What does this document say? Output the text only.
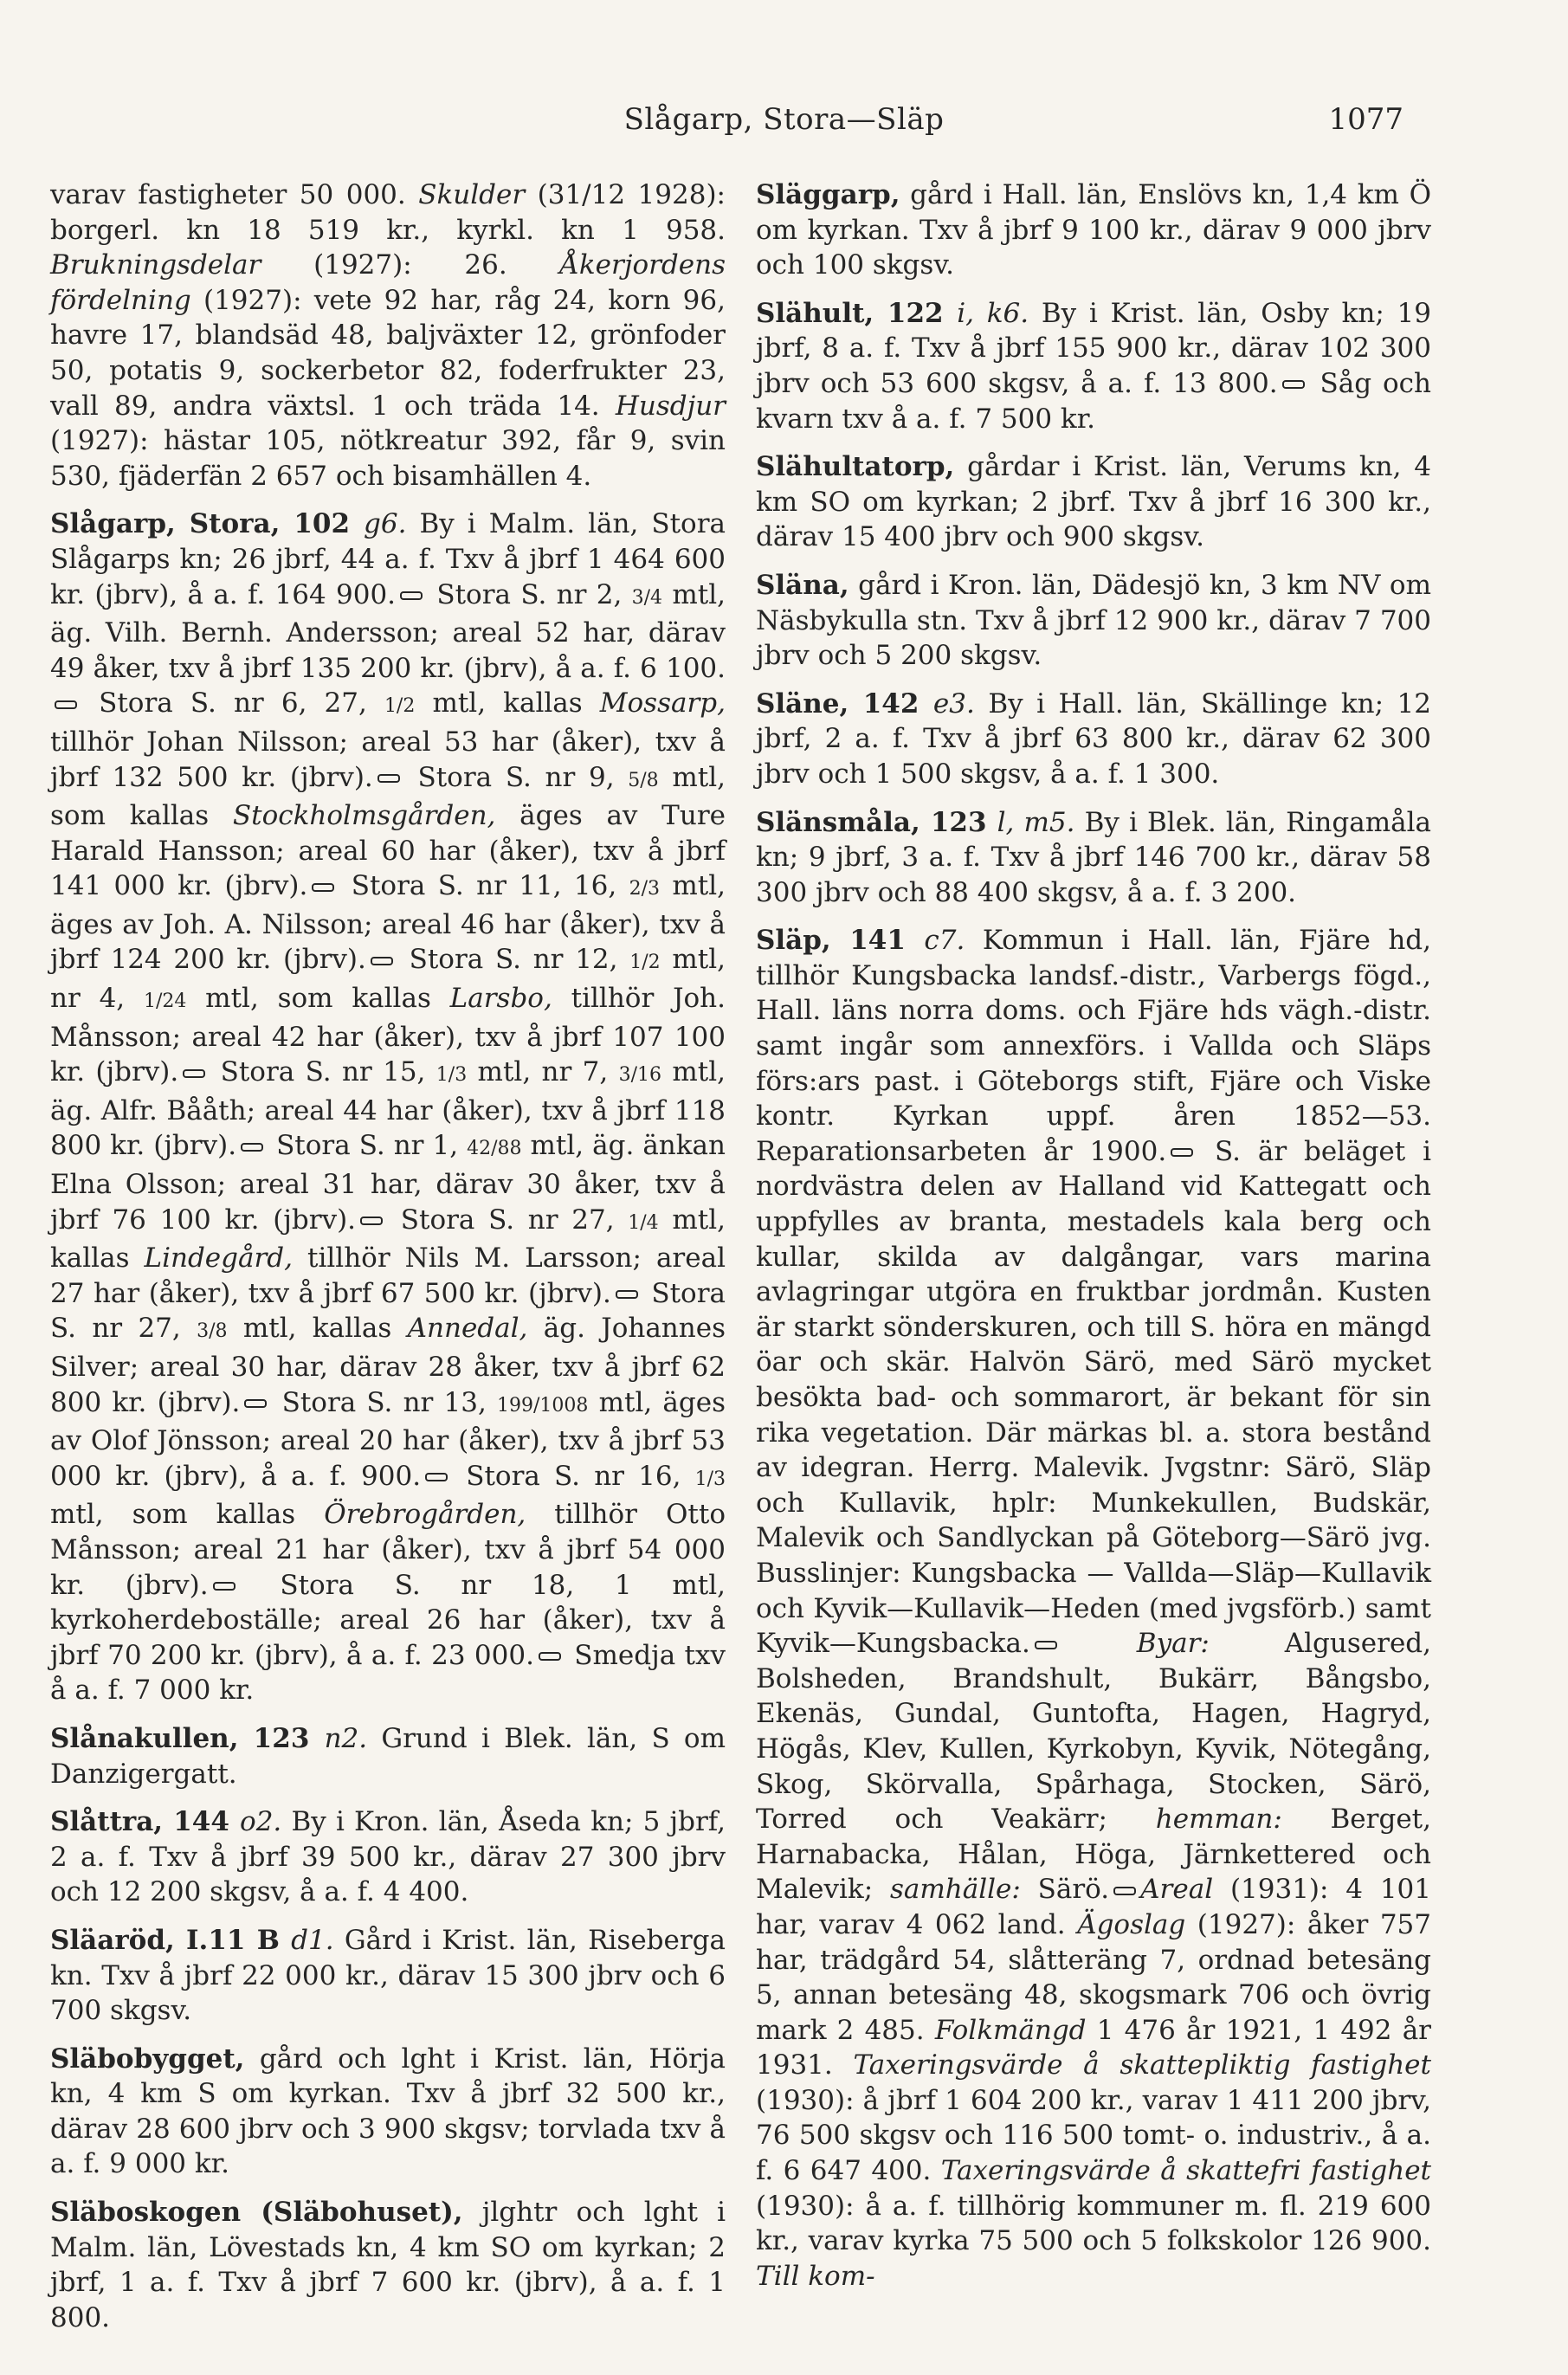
Slågarp, Stora—Släp	1077

varav fastigheter 50 000. Skulder (31/12 1928): borgerl. kn 18 519 kr., kyrkl. kn 1 958. Brukningsdelar (1927): 26. Åkerjordens fördelning (1927): vete 92 har, råg 24, korn 96, havre 17, blandsäd 48, baljväxter 12, grönfoder 50, potatis 9, sockerbetor 82, foderfrukter 23, vall 89, andra växtsl. 1 och träda 14. Husdjur (1927): hästar 105, nötkreatur 392, får 9, svin 530, fjäderfän 2 657 och bisamhällen 4.

Slågarp, Stora, 102 g6. By i Malm. län, Stora Slågarps kn; 26 jbrf, 44 a. f. Txv å jbrf 1 464 600 kr. (jbrv), å a. f. 164 900. Stora S. nr 2, 3/4 mtl, äg. Vilh. Bernh. Andersson; areal 52 har, därav 49 åker, txv å jbrf 135 200 kr. (jbrv), å a. f. 6 100. Stora S. nr 6, 27, 1/2 mtl, kallas Mossarp, tillhör Johan Nilsson; areal 53 har (åker), txv å jbrf 132 500 kr. (jbrv). Stora S. nr 9, 5/8 mtl, som kallas Stockholmsgården, äges av Ture Harald Hansson; areal 60 har (åker), txv å jbrf 141 000 kr. (jbrv). Stora S. nr 11, 16, 2/3 mtl, äges av Joh. A. Nilsson; areal 46 har (åker), txv å jbrf 124 200 kr. (jbrv). Stora S. nr 12, 1/2 mtl, nr 4, 1/24 mtl, som kallas Larsbo, tillhör Joh. Månsson; areal 42 har (åker), txv å jbrf 107 100 kr. (jbrv). Stora S. nr 15, 1/3 mtl, nr 7, 3/16 mtl, äg. Alfr. Bååth; areal 44 har (åker), txv å jbrf 118 800 kr. (jbrv). Stora S. nr 1, 42/88 mtl, äg. änkan Elna Olsson; areal 31 har, därav 30 åker, txv å jbrf 76 100 kr. (jbrv). Stora S. nr 27, 1/4 mtl, kallas Lindegård, tillhör Nils M. Larsson; areal 27 har (åker), txv å jbrf 67 500 kr. (jbrv). Stora S. nr 27, 3/8 mtl, kallas Annedal, äg. Johannes Silver; areal 30 har, därav 28 åker, txv å jbrf 62 800 kr. (jbrv). Stora S. nr 13, 199/1008 mtl, äges av Olof Jönsson; areal 20 har (åker), txv å jbrf 53 000 kr. (jbrv), å a. f. 900. Stora S. nr 16, 1/3 mtl, som kallas Örebrogården, tillhör Otto Månsson; areal 21 har (åker), txv å jbrf 54 000 kr. (jbrv). Stora S. nr 18, 1 mtl, kyrkoherdeboställe; areal 26 har (åker), txv å jbrf 70 200 kr. (jbrv), å a. f. 23 000. Smedja txv å a. f. 7 000 kr.

Slånakullen, 123 n2. Grund i Blek. län, S om Danzigergatt.

Slåttra, 144 o2. By i Kron. län, Åseda kn; 5 jbrf, 2 a. f. Txv å jbrf 39 500 kr., därav 27 300 jbrv och 12 200 skgsv, å a. f. 4 400.

Släaröd, I.11 B d1. Gård i Krist. län, Riseberga kn. Txv å jbrf 22 000 kr., därav 15 300 jbrv och 6 700 skgsv.

Släbobygget, gård och lght i Krist. län, Hörja kn, 4 km S om kyrkan. Txv å jbrf 32 500 kr., därav 28 600 jbrv och 3 900 skgsv; torvlada txv å a. f. 9 000 kr.

Släboskogen (Släbohuset), jlghtr och lght i Malm. län, Lövestads kn, 4 km SO om kyrkan; 2 jbrf, 1 a. f. Txv å jbrf 7 600 kr. (jbrv), å a. f. 1 800.

Släggarp, gård i Hall. län, Enslövs kn, 1,4 km Ö om kyrkan. Txv å jbrf 9 100 kr., därav 9 000 jbrv och 100 skgsv.

Slähult, 122 i, k6. By i Krist. län, Osby kn; 19 jbrf, 8 a. f. Txv å jbrf 155 900 kr., därav 102 300 jbrv och 53 600 skgsv, å a. f. 13 800. Såg och kvarn txv å a. f. 7 500 kr.

Slähultatorp, gårdar i Krist. län, Verums kn, 4 km SO om kyrkan; 2 jbrf. Txv å jbrf 16 300 kr., därav 15 400 jbrv och 900 skgsv.

Släna, gård i Kron. län, Dädesjö kn, 3 km NV om Näsbykulla stn. Txv å jbrf 12 900 kr., därav 7 700 jbrv och 5 200 skgsv.

Släne, 142 e3. By i Hall. län, Skällinge kn; 12 jbrf, 2 a. f. Txv å jbrf 63 800 kr., därav 62 300 jbrv och 1 500 skgsv, å a. f. 1 300.

Slänsmåla, 123 l, m5. By i Blek. län, Ringamåla kn; 9 jbrf, 3 a. f. Txv å jbrf 146 700 kr., därav 58 300 jbrv och 88 400 skgsv, å a. f. 3 200.

Släp, 141 c7. Kommun i Hall. län, Fjäre hd, tillhör Kungsbacka landsf.-distr., Varbergs fögd., Hall. läns norra doms. och Fjäre hds vägh.-distr. samt ingår som annexförs. i Vallda och Släps förs:ars past. i Göteborgs stift, Fjäre och Viske kontr. Kyrkan uppf. åren 1852—53. Reparationsarbeten år 1900. S. är beläget i nordvästra delen av Halland vid Kattegatt och uppfylles av branta, mestadels kala berg och kullar, skilda av dalgångar, vars marina avlagringar utgöra en fruktbar jordmån. Kusten är starkt sönderskuren, och till S. höra en mängd öar och skär. Halvön Särö, med Särö mycket besökta bad- och sommarort, är bekant för sin rika vegetation. Där märkas bl. a. stora bestånd av idegran. Herrg. Malevik. Jvgstnr: Särö, Släp och Kullavik, hplr: Munkekullen, Budskär, Malevik och Sandlyckan på Göteborg—Särö jvg. Busslinjer: Kungsbacka — Vallda—Släp—Kullavik och Kyvik—Kullavik—Heden (med jvgsförb.) samt Kyvik—Kungsbacka.	Byar: Algusered, Bolsheden, Brandshult, Bukärr, Bångsbo, Ekenäs, Gundal, Guntofta, Hagen, Hagryd, Högås, Klev, Kullen, Kyrkobyn, Kyvik, Nötegång, Skog, Skörvalla, Spårhaga, Stocken, Särö, Torred och Veakärr; hemman: Berget, Harnabacka, Hålan, Höga, Järnkettered och Malevik; samhälle: Särö. Areal (1931): 4 101 har, varav 4 062 land. Ägoslag (1927): åker 757 har, trädgård 54, slåtteräng 7, ordnad betesäng 5, annan betesäng 48, skogsmark 706 och övrig mark 2 485. Folkmängd 1 476 år 1921, 1 492 år 1931. Taxeringsvärde å skattepliktig fastighet (1930): å jbrf 1 604 200 kr., varav 1 411 200 jbrv, 76 500 skgsv och 116 500 tomt- o. industriv., å a. f. 6 647 400. Taxeringsvärde å skattefri fastighet (1930): å a. f. tillhörig kommuner m. fl. 219 600 kr., varav kyrka 75 500 och 5 folkskolor 126 900. Till kom-
